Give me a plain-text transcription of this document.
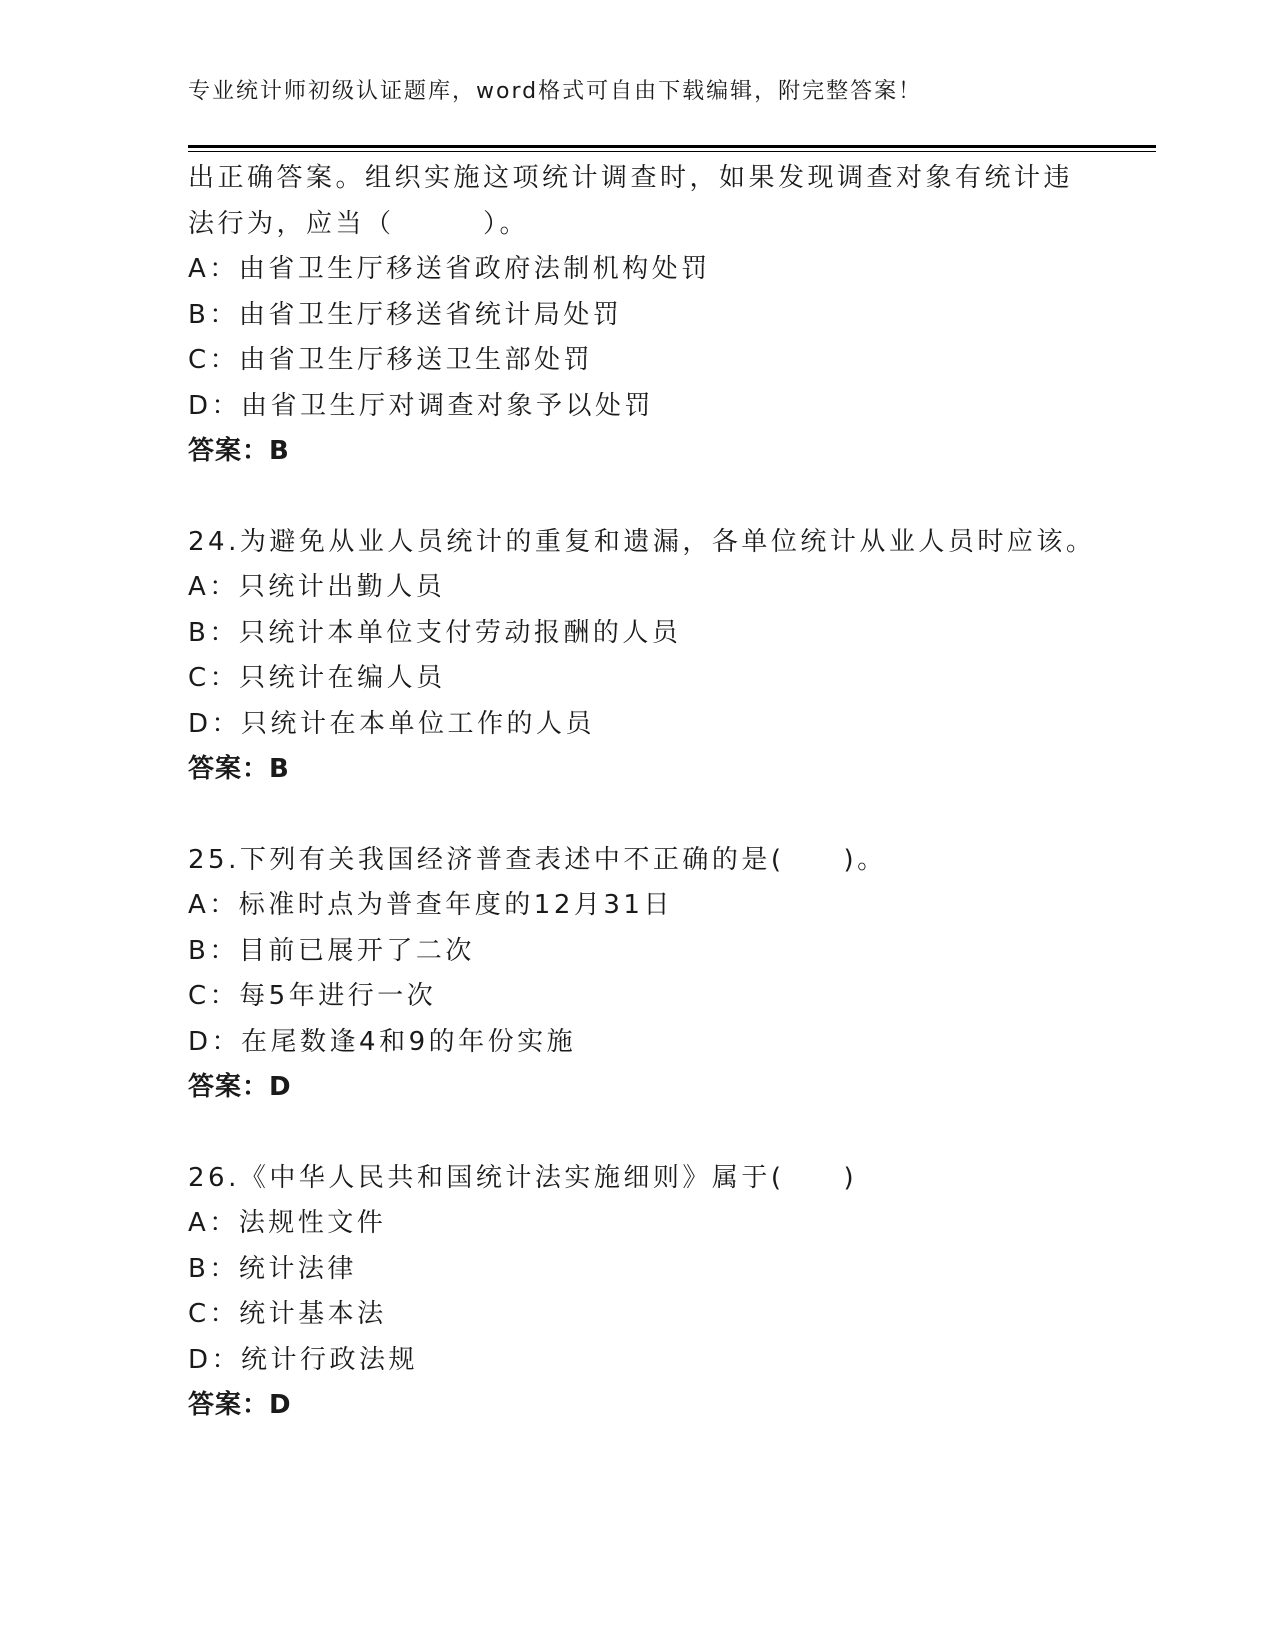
专业统计师初级认证题库，word格式可自由下载编辑，附完整答案！
出正确答案。组织实施这项统计调查时，如果发现调查对象有统计违
法行为，应当（　　　）。
A：由省卫生厅移送省政府法制机构处罚
B：由省卫生厅移送省统计局处罚
C：由省卫生厅移送卫生部处罚
D：由省卫生厅对调查对象予以处罚
答案：B
24.为避免从业人员统计的重复和遗漏，各单位统计从业人员时应该。
A：只统计出勤人员
B：只统计本单位支付劳动报酬的人员
C：只统计在编人员
D：只统计在本单位工作的人员
答案：B
25.下列有关我国经济普查表述中不正确的是(　　)。
A：标准时点为普查年度的12月31日
B：目前已展开了二次
C：每5年进行一次
D：在尾数逢4和9的年份实施
答案：D
26.《中华人民共和国统计法实施细则》属于(　　)
A：法规性文件
B：统计法律
C：统计基本法
D：统计行政法规
答案：D
